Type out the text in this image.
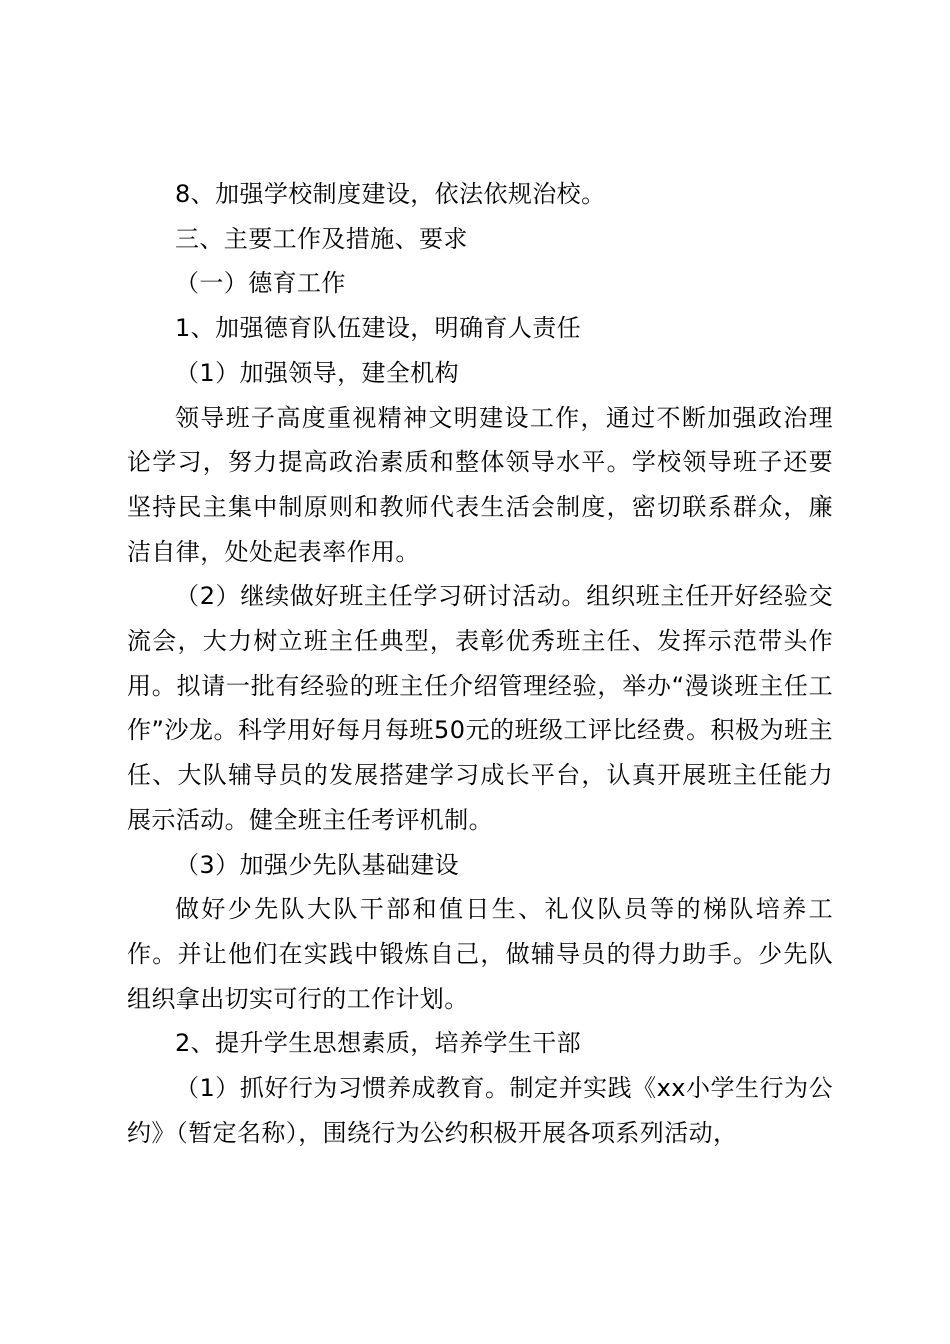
8、加强学校制度建设，依法依规治校。

三、主要工作及措施、要求

（一）德育工作

1、加强德育队伍建设，明确育人责任

（1）加强领导，建全机构

领导班子高度重视精神文明建设工作，通过不断加强政治理论学习，努力提高政治素质和整体领导水平。学校领导班子还要坚持民主集中制原则和教师代表生活会制度，密切联系群众，廉洁自律，处处起表率作用。

（2）继续做好班主任学习研讨活动。组织班主任开好经验交流会，大力树立班主任典型，表彰优秀班主任、发挥示范带头作用。拟请一批有经验的班主任介绍管理经验，举办“漫谈班主任工作”沙龙。科学用好每月每班50元的班级工评比经费。积极为班主任、大队辅导员的发展搭建学习成长平台，认真开展班主任能力展示活动。健全班主任考评机制。

（3）加强少先队基础建设

做好少先队大队干部和值日生、礼仪队员等的梯队培养工作。并让他们在实践中锻炼自己，做辅导员的得力助手。少先队组织拿出切实可行的工作计划。

2、提升学生思想素质，培养学生干部

（1）抓好行为习惯养成教育。制定并实践《xx小学生行为公约》（暂定名称），围绕行为公约积极开展各项系列活动，
